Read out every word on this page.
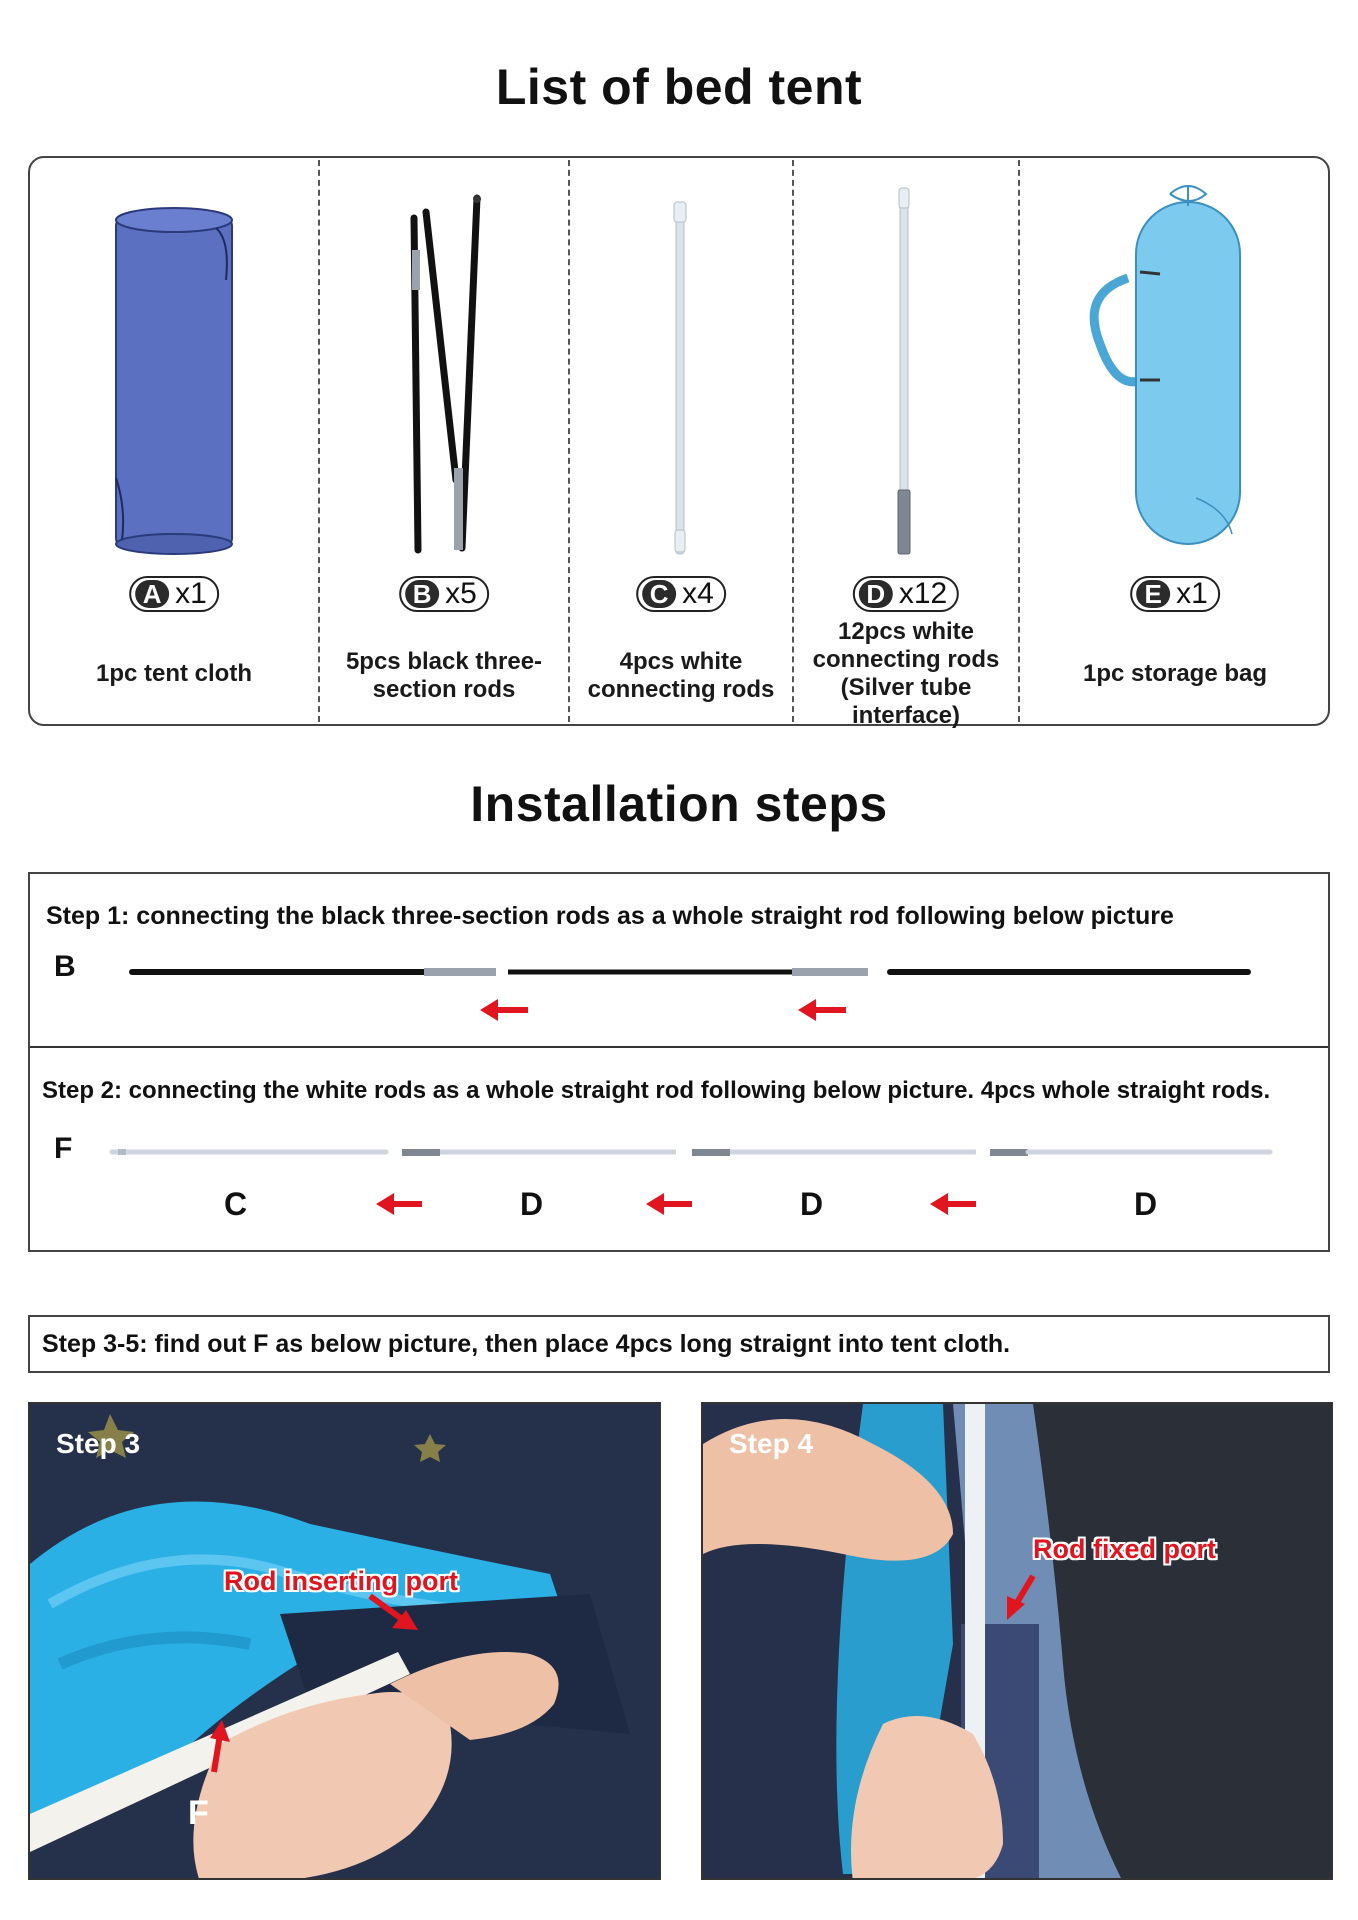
List of bed tent
A x1
1pc tent cloth
B x5
5pcs black three-section rods
C x4
4pcs white connecting rods
D x12
12pcs white connecting rods (Silver tube interface)
E x1
1pc storage bag
Installation steps
Step 1: connecting the black three-section rods as a whole straight rod following below picture
B
Step 2: connecting the white rods as a whole straight rod following below picture. 4pcs whole straight rods.
F
C	D	D	D
Step 3-5: find out F as below picture, then place 4pcs long straignt into tent cloth.
Step 3
Rod inserting port
F
Step 4
Rod fixed port
